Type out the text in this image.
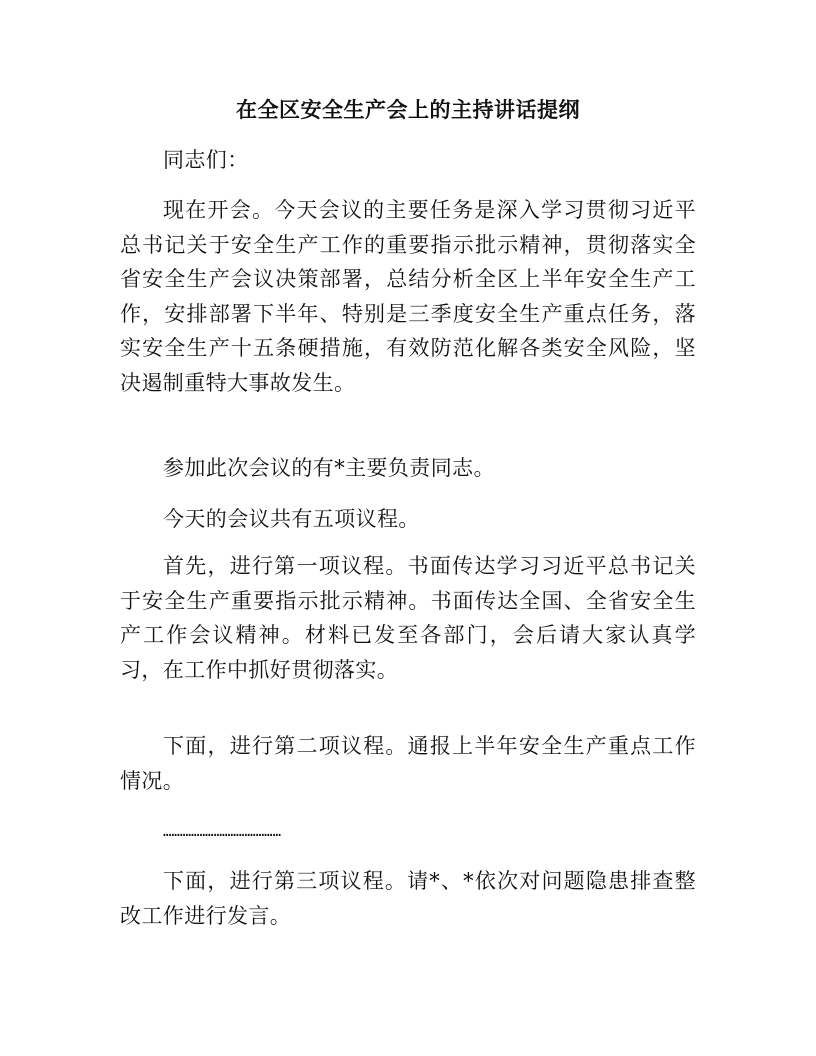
在全区安全生产会上的主持讲话提纲

同志们：

现在开会。今天会议的主要任务是深入学习贯彻习近平总书记关于安全生产工作的重要指示批示精神，贯彻落实全省安全生产会议决策部署，总结分析全区上半年安全生产工作，安排部署下半年、特别是三季度安全生产重点任务，落实安全生产十五条硬措施，有效防范化解各类安全风险，坚决遏制重特大事故发生。

参加此次会议的有*主要负责同志。

今天的会议共有五项议程。

首先，进行第一项议程。书面传达学习习近平总书记关于安全生产重要指示批示精神。书面传达全国、全省安全生产工作会议精神。材料已发至各部门，会后请大家认真学习，在工作中抓好贯彻落实。

下面，进行第二项议程。通报上半年安全生产重点工作情况。

……………………………………

下面，进行第三项议程。请*、*依次对问题隐患排查整改工作进行发言。
